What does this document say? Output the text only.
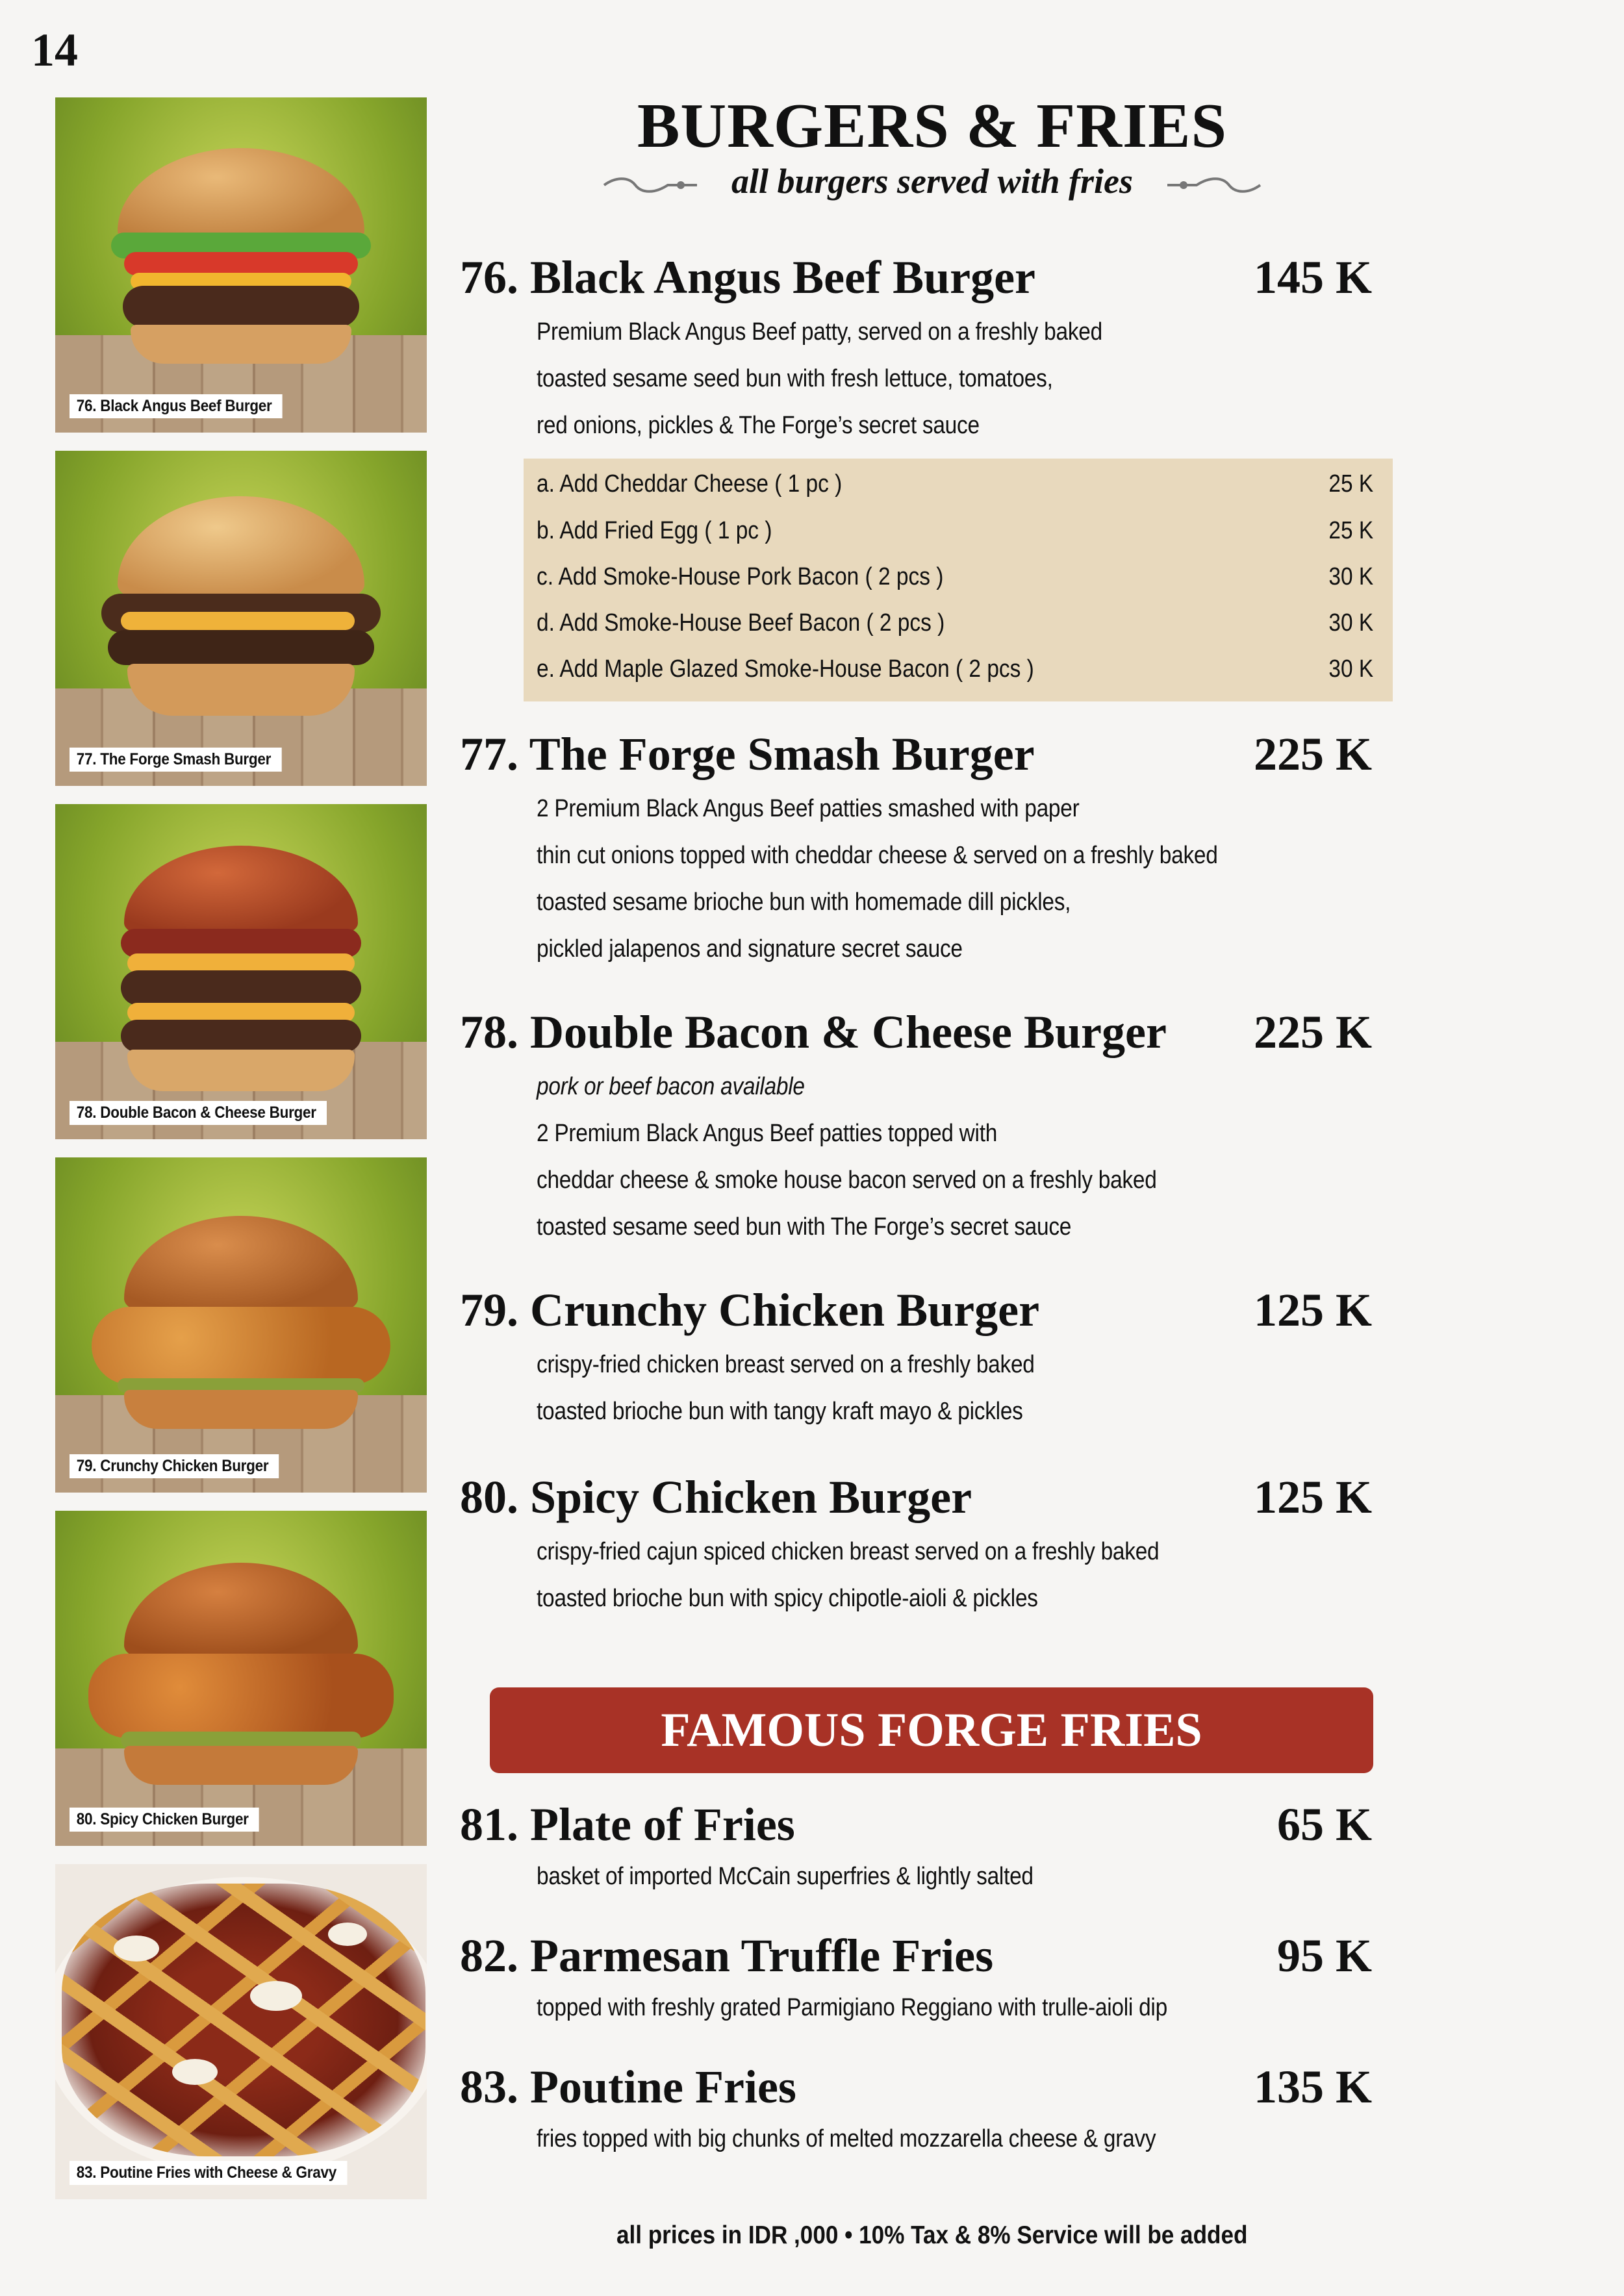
14
76. Black Angus Beef Burger
77. The Forge Smash Burger
78. Double Bacon & Cheese Burger
79. Crunchy Chicken Burger
80. Spicy Chicken Burger
83. Poutine Fries with Cheese & Gravy
BURGERS & FRIES
all burgers served with fries
76. Black Angus Beef Burger	145 K
Premium Black Angus Beef patty, served on a freshly baked
toasted sesame seed bun with fresh lettuce, tomatoes,
red onions, pickles & The Forge’s secret sauce
a. Add Cheddar Cheese ( 1 pc )	25 K
b. Add Fried Egg ( 1 pc )	25 K
c. Add Smoke-House Pork Bacon ( 2 pcs )	30 K
d. Add Smoke-House Beef Bacon ( 2 pcs )	30 K
e. Add Maple Glazed Smoke-House Bacon ( 2 pcs )	30 K
77. The Forge Smash Burger	225 K
2 Premium Black Angus Beef patties smashed with paper
thin cut onions topped with cheddar cheese & served on a freshly baked
toasted sesame brioche bun with homemade dill pickles,
pickled jalapenos and signature secret sauce
78. Double Bacon & Cheese Burger 225 K
pork or beef bacon available
2 Premium Black Angus Beef patties topped with
cheddar cheese & smoke house bacon served on a freshly baked
toasted sesame seed bun with The Forge’s secret sauce
79. Crunchy Chicken Burger	125 K
crispy-fried chicken breast served on a freshly baked
toasted brioche bun with tangy kraft mayo & pickles
80. Spicy Chicken Burger	125 K
crispy-fried cajun spiced chicken breast served on a freshly baked
toasted brioche bun with spicy chipotle-aioli & pickles
FAMOUS FORGE FRIES
81. Plate of Fries	65 K
basket of imported McCain superfries & lightly salted
82. Parmesan Truffle Fries	95 K
topped with freshly grated Parmigiano Reggiano with trulle-aioli dip
83. Poutine Fries	135 K
fries topped with big chunks of melted mozzarella cheese & gravy
all prices in IDR ,000 • 10% Tax & 8% Service will be added
